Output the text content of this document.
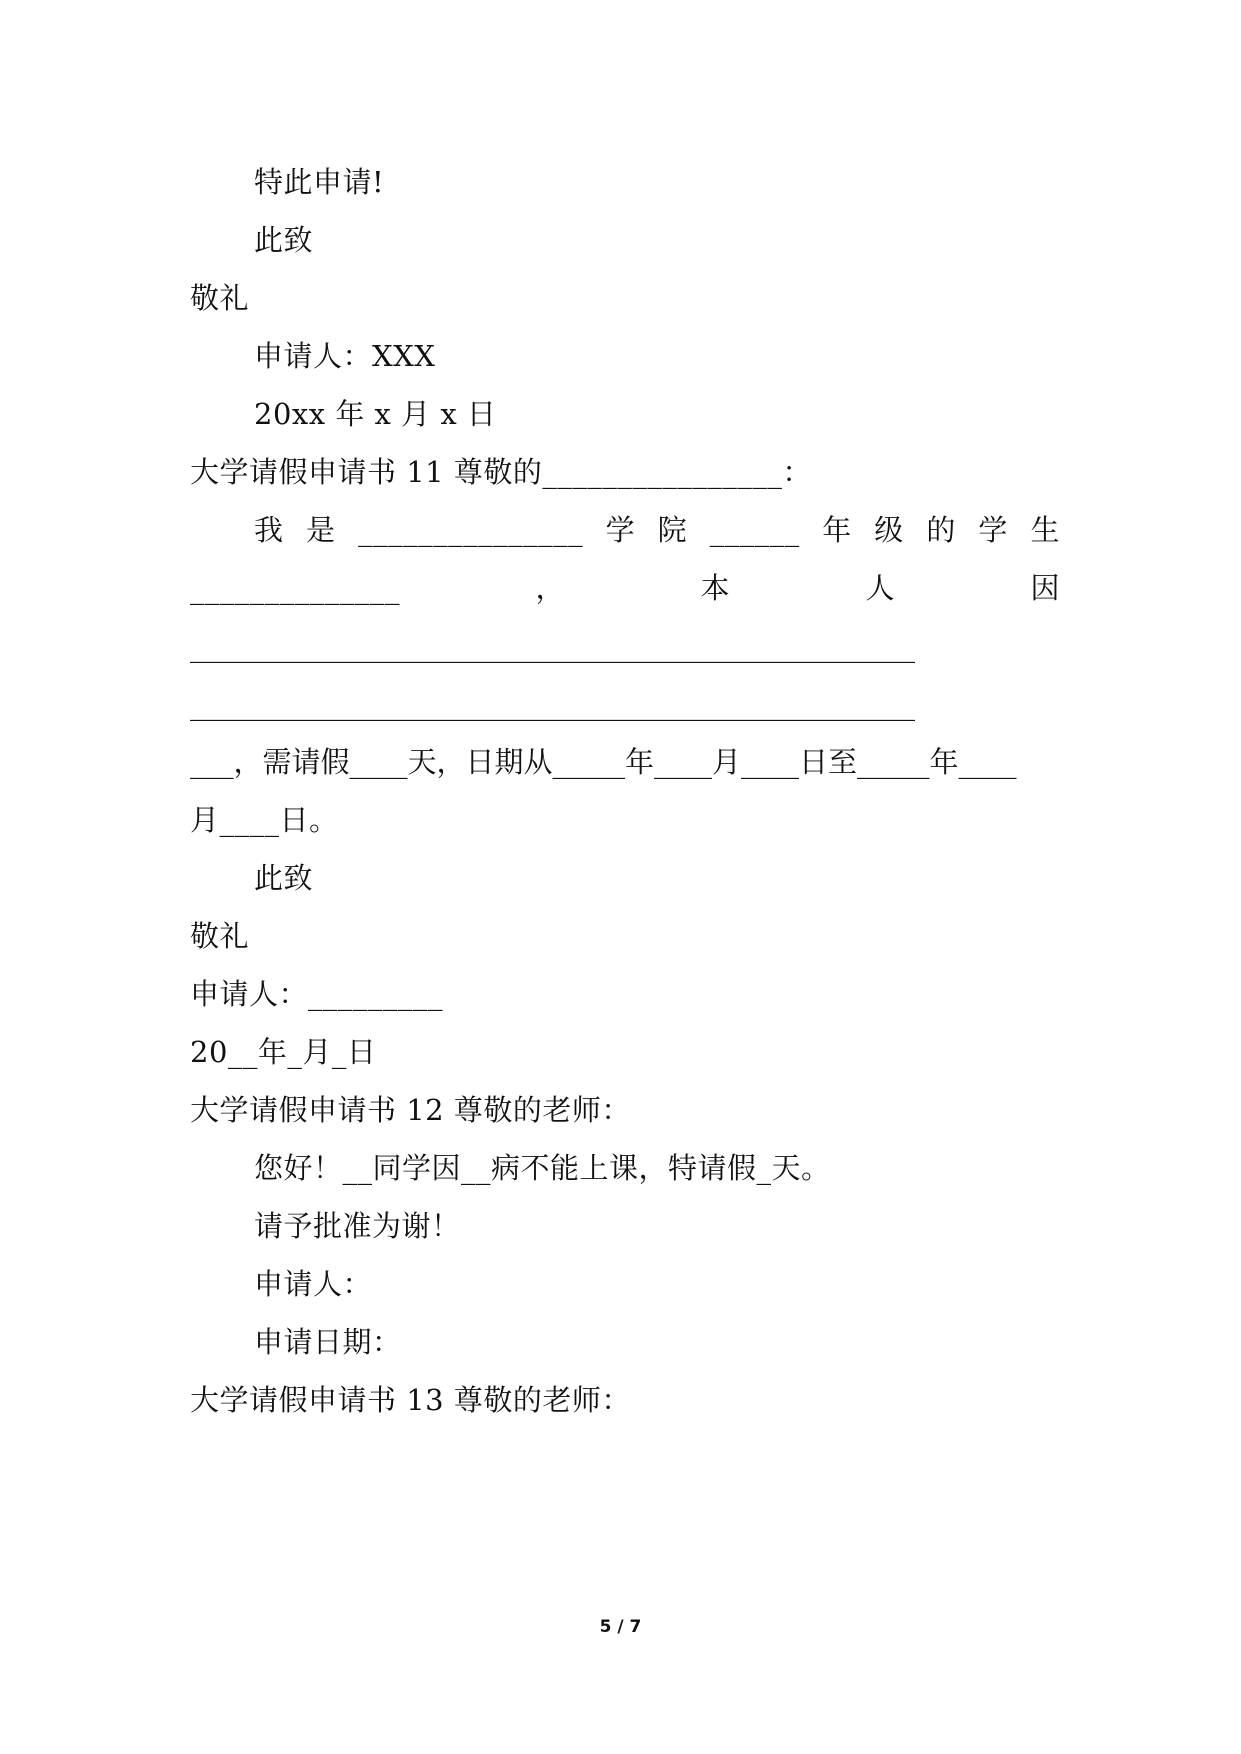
特此申请!
此致
敬礼
申请人：XXX
20xx 年 x 月 x 日
大学请假申请书 11 尊敬的________________：
我 是 _______________ 学 院 ______ 年 级 的 学 生
______________	，	本	人	因
__________________________________________________
__________________________________________________
___，需请假____天，日期从_____年____月____日至_____年____
月____日。
此致
敬礼
申请人：_________
20__年_月_日
大学请假申请书 12 尊敬的老师：
您好！__同学因__病不能上课，特请假_天。
请予批准为谢！
申请人：
申请日期：
大学请假申请书 13 尊敬的老师：
5 / 7
